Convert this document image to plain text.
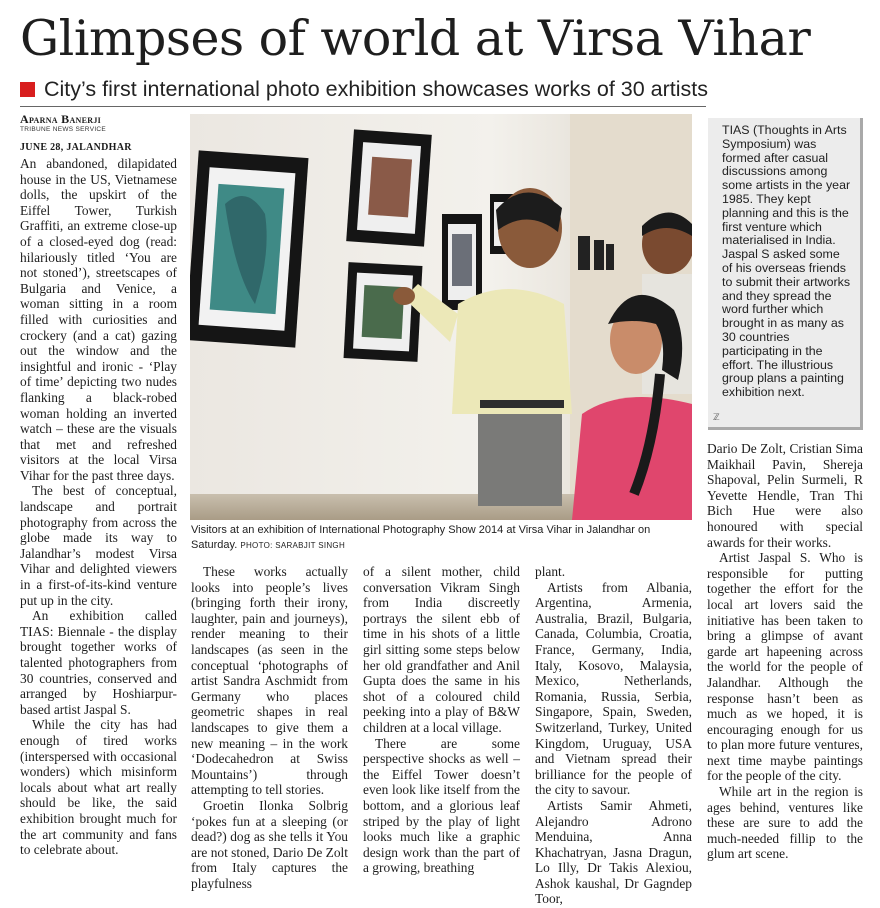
Glimpses of world at Virsa Vihar
City’s first international photo exhibition showcases works of 30 artists
Aparna Banerji
TRIBUNE NEWS SERVICE
JUNE 28, JALANDHAR

An abandoned, dilapidated house in the US, Vietnamese dolls, the upskirt of the Eiffel Tower, Turkish Graffiti, an extreme close-up of a closed-eyed dog (read: hilariously titled ‘You are not stoned’), streetscapes of Bulgaria and Venice, a woman sitting in a room filled with curiosities and crockery (and a cat) gazing out the window and the insightful and ironic - ‘Play of time’ depicting two nudes flanking a black-robed woman holding an inverted watch – these are the visuals that met and refreshed visitors at the local Virsa Vihar for the past three days.

The best of conceptual, landscape and portrait photography from across the globe made its way to Jalandhar’s modest Virsa Vihar and delighted viewers in a first-of-its-kind venture put up in the city.

An exhibition called TIAS: Biennale - the display brought together works of talented photographers from 30 countries, conserved and arranged by Hoshiarpur-based artist Jaspal S.

While the city has had enough of tired works (interspersed with occasional wonders) which misinform locals about what art really should be like, the said exhibition brought much for the art community and fans to celebrate about.

Visitors at an exhibition of International Photography Show 2014 at Virsa Vihar in Jalandhar on Saturday. PHOTO: SARABJIT SINGH
TIAS (Thoughts in Arts Symposium) was formed after casual discussions among some artists in the year 1985. They kept planning and this is the first venture which materialised in India. Jaspal S asked some of his overseas friends to submit their artworks and they spread the word further which brought in as many as 30 countries participating in the effort. The illustrious group plans a painting exhibition next.
ℤ

These works actually looks into people’s lives (bringing forth their irony, laughter, pain and journeys), render meaning to their landscapes (as seen in the conceptual ‘photographs of artist Sandra Aschmidt from Germany who places geometric shapes in real landscapes to give them a new meaning – in the work ‘Dodecahedron at Swiss Mountains’) through attempting to tell stories.

Groetin Ilonka Solbrig ‘pokes fun at a sleeping (or dead?) dog as she tells it You are not stoned, Dario De Zolt from Italy captures the playfulness

of a silent mother, child conversation Vikram Singh from India discreetly portrays the silent ebb of time in his shots of a little girl sitting some steps below her old grandfather and Anil Gupta does the same in his shot of a coloured child peeking into a play of B&W children at a local village.

There are some perspective shocks as well – the Eiffel Tower doesn’t even look like itself from the bottom, and a glorious leaf striped by the play of light looks much like a graphic design work than the part of a growing, breathing

plant.

Artists from Albania, Argentina, Armenia, Australia, Brazil, Bulgaria, Canada, Columbia, Croatia, France, Germany, India, Italy, Kosovo, Malaysia, Mexico, Netherlands, Romania, Russia, Serbia, Singapore, Spain, Sweden, Switzerland, Turkey, United Kingdom, Uruguay, USA and Vietnam spread their brilliance for the people of the city to savour.

Artists Samir Ahmeti, Alejandro Adrono Menduina, Anna Khachatryan, Jasna Dragun, Lo Illy, Dr Takis Alexiou, Ashok kaushal, Dr Gagndep Toor,

Dario De Zolt, Cristian Sima Maikhail Pavin, Shereja Shapoval, Pelin Surmeli, R Yevette Hendle, Tran Thi Bich Hue were also honoured with special awards for their works.

Artist Jaspal S. Who is responsible for putting together the effort for the local art lovers said the initiative has been taken to bring a glimpse of avant garde art hapeening across the world for the people of Jalandhar. Although the response hasn’t been as much as we hoped, it is encouraging enough for us to plan more future ventures, next time maybe paintings for the people of the city.

While art in the region is ages behind, ventures like these are sure to add the much-needed fillip to the glum art scene.
